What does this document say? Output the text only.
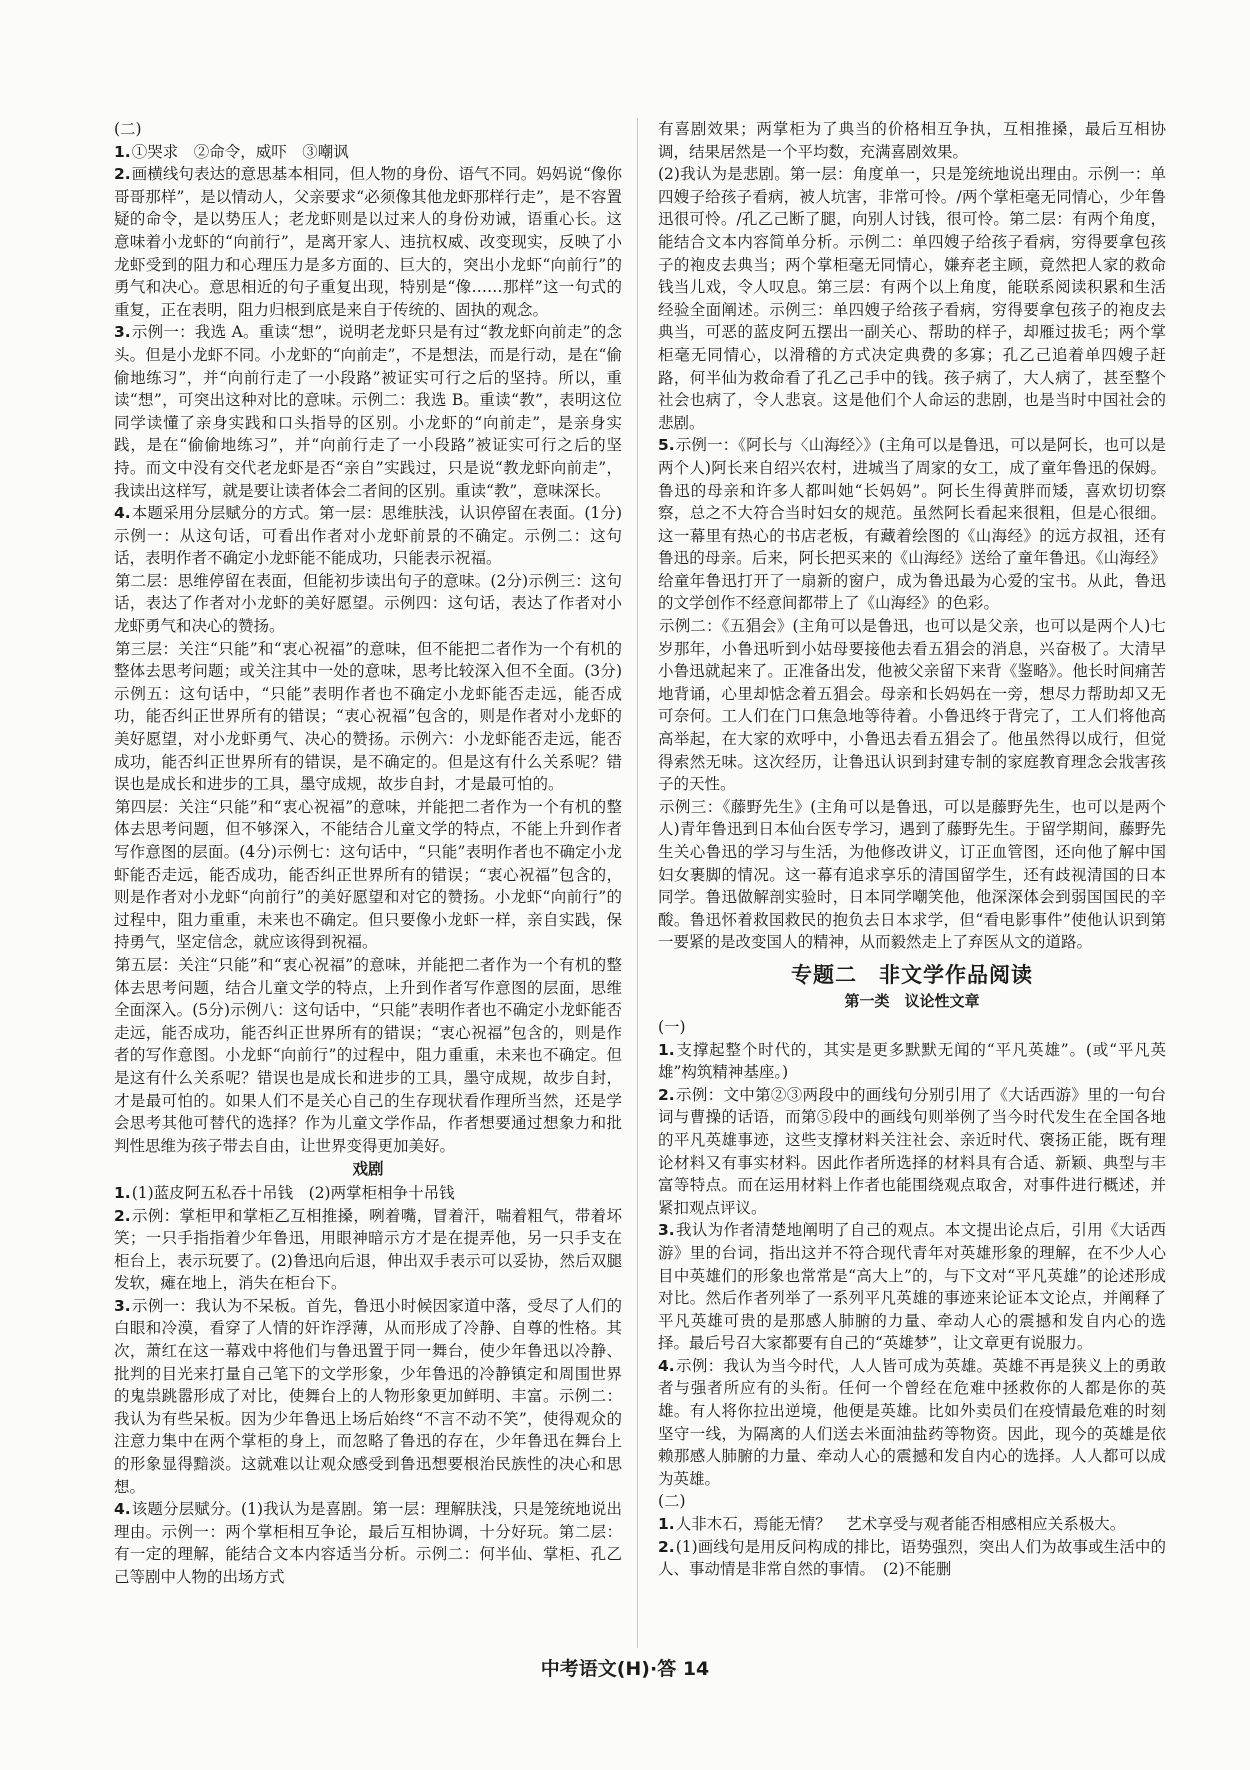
(二)

1.①哭求　②命令，威吓　③嘲讽

2.画横线句表达的意思基本相同，但人物的身份、语气不同。妈妈说“像你哥哥那样”，是以情动人，父亲要求“必须像其他龙虾那样行走”，是不容置疑的命令，是以势压人；老龙虾则是以过来人的身份劝诫，语重心长。这意味着小龙虾的“向前行”，是离开家人、违抗权威、改变现实，反映了小龙虾受到的阻力和心理压力是多方面的、巨大的，突出小龙虾“向前行”的勇气和决心。意思相近的句子重复出现，特别是“像……那样”这一句式的重复，正在表明，阻力归根到底是来自于传统的、固执的观念。

3.示例一：我选 A。重读“想”，说明老龙虾只是有过“教龙虾向前走”的念头。但是小龙虾不同。小龙虾的“向前走”，不是想法，而是行动，是在“偷偷地练习”，并“向前行走了一小段路”被证实可行之后的坚持。所以，重读“想”，可突出这种对比的意味。示例二：我选 B。重读“教”，表明这位同学读懂了亲身实践和口头指导的区别。小龙虾的“向前走”，是亲身实践，是在“偷偷地练习”，并“向前行走了一小段路”被证实可行之后的坚持。而文中没有交代老龙虾是否“亲自”实践过，只是说“教龙虾向前走”，我读出这样写，就是要让读者体会二者间的区别。重读“教”，意味深长。

4.本题采用分层赋分的方式。第一层：思维肤浅，认识停留在表面。(1分)示例一：从这句话，可看出作者对小龙虾前景的不确定。示例二：这句话，表明作者不确定小龙虾能不能成功，只能表示祝福。

第二层：思维停留在表面，但能初步读出句子的意味。(2分)示例三：这句话，表达了作者对小龙虾的美好愿望。示例四：这句话，表达了作者对小龙虾勇气和决心的赞扬。

第三层：关注“只能”和“衷心祝福”的意味，但不能把二者作为一个有机的整体去思考问题；或关注其中一处的意味，思考比较深入但不全面。(3分)示例五：这句话中，“只能”表明作者也不确定小龙虾能否走远，能否成功，能否纠正世界所有的错误；“衷心祝福”包含的，则是作者对小龙虾的美好愿望，对小龙虾勇气、决心的赞扬。示例六：小龙虾能否走远，能否成功，能否纠正世界所有的错误，是不确定的。但是这有什么关系呢？错误也是成长和进步的工具，墨守成规，故步自封，才是最可怕的。

第四层：关注“只能”和“衷心祝福”的意味，并能把二者作为一个有机的整体去思考问题，但不够深入，不能结合儿童文学的特点，不能上升到作者写作意图的层面。(4分)示例七：这句话中，“只能”表明作者也不确定小龙虾能否走远，能否成功，能否纠正世界所有的错误；“衷心祝福”包含的，则是作者对小龙虾“向前行”的美好愿望和对它的赞扬。小龙虾“向前行”的过程中，阻力重重，未来也不确定。但只要像小龙虾一样，亲自实践，保持勇气，坚定信念，就应该得到祝福。

第五层：关注“只能”和“衷心祝福”的意味，并能把二者作为一个有机的整体去思考问题，结合儿童文学的特点，上升到作者写作意图的层面，思维全面深入。(5分)示例八：这句话中，“只能”表明作者也不确定小龙虾能否走远，能否成功，能否纠正世界所有的错误；“衷心祝福”包含的，则是作者的写作意图。小龙虾“向前行”的过程中，阻力重重，未来也不确定。但是这有什么关系呢？错误也是成长和进步的工具，墨守成规，故步自封，才是最可怕的。如果人们不是关心自己的生存现状看作理所当然，还是学会思考其他可替代的选择？作为儿童文学作品，作者想要通过想象力和批判性思维为孩子带去自由，让世界变得更加美好。

戏剧

1.(1)蓝皮阿五私吞十吊钱　(2)两掌柜相争十吊钱

2.示例：掌柜甲和掌柜乙互相推搡，咧着嘴，冒着汗，喘着粗气，带着坏笑；一只手指指着少年鲁迅，用眼神暗示方才是在提弄他，另一只手支在柜台上，表示玩要了。(2)鲁迅向后退，伸出双手表示可以妥协，然后双腿发软，瘫在地上，消失在柜台下。

3.示例一：我认为不呆板。首先，鲁迅小时候因家道中落，受尽了人们的白眼和冷漠，看穿了人情的奸诈浮薄，从而形成了冷静、自尊的性格。其次，萧红在这一幕戏中将他们与鲁迅置于同一舞台，使少年鲁迅以冷静、批判的目光来打量自己笔下的文学形象，少年鲁迅的冷静镇定和周围世界的鬼祟跳嚣形成了对比，使舞台上的人物形象更加鲜明、丰富。示例二：我认为有些呆板。因为少年鲁迅上场后始终“不言不动不笑”，使得观众的注意力集中在两个掌柜的身上，而忽略了鲁迅的存在，少年鲁迅在舞台上的形象显得黯淡。这就难以让观众感受到鲁迅想要根治民族性的决心和思想。

4.该题分层赋分。(1)我认为是喜剧。第一层：理解肤浅，只是笼统地说出理由。示例一：两个掌柜相互争论，最后互相协调，十分好玩。第二层：有一定的理解，能结合文本内容适当分析。示例二：何半仙、掌柜、孔乙己等剧中人物的出场方式

有喜剧效果；两掌柜为了典当的价格相互争执，互相推搡，最后互相协调，结果居然是一个平均数，充满喜剧效果。

(2)我认为是悲剧。第一层：角度单一，只是笼统地说出理由。示例一：单四嫂子给孩子看病，被人坑害，非常可怜。/两个掌柜毫无同情心，少年鲁迅很可怜。/孔乙己断了腿，向别人讨钱，很可怜。第二层：有两个角度，能结合文本内容简单分析。示例二：单四嫂子给孩子看病，穷得要拿包孩子的袍皮去典当；两个掌柜毫无同情心，嫌弃老主顾，竟然把人家的救命钱当儿戏，令人叹息。第三层：有两个以上角度，能联系阅读积累和生活经验全面阐述。示例三：单四嫂子给孩子看病，穷得要拿包孩子的袍皮去典当，可恶的蓝皮阿五摆出一副关心、帮助的样子，却雁过拔毛；两个掌柜毫无同情心，以滑稽的方式决定典费的多寡；孔乙己追着单四嫂子赶路，何半仙为救命看了孔乙己手中的钱。孩子病了，大人病了，甚至整个社会也病了，令人悲哀。这是他们个人命运的悲剧，也是当时中国社会的悲剧。

5.示例一：《阿长与〈山海经〉》(主角可以是鲁迅，可以是阿长，也可以是两个人)阿长来自绍兴农村，进城当了周家的女工，成了童年鲁迅的保姆。鲁迅的母亲和许多人都叫她“长妈妈”。阿长生得黄胖而矮，喜欢切切察察，总之不大符合当时妇女的规范。虽然阿长看起来很粗，但是心很细。这一幕里有热心的书店老板，有藏着绘图的《山海经》的远方叔祖，还有鲁迅的母亲。后来，阿长把买来的《山海经》送给了童年鲁迅。《山海经》给童年鲁迅打开了一扇新的窗户，成为鲁迅最为心爱的宝书。从此，鲁迅的文学创作不经意间都带上了《山海经》的色彩。

示例二：《五猖会》(主角可以是鲁迅，也可以是父亲，也可以是两个人)七岁那年，小鲁迅听到小姑母要接他去看五猖会的消息，兴奋极了。大清早小鲁迅就起来了。正准备出发，他被父亲留下来背《鉴略》。他长时间痛苦地背诵，心里却惦念着五猖会。母亲和长妈妈在一旁，想尽力帮助却又无可奈何。工人们在门口焦急地等待着。小鲁迅终于背完了，工人们将他高高举起，在大家的欢呼中，小鲁迅去看五猖会了。他虽然得以成行，但觉得索然无味。这次经历，让鲁迅认识到封建专制的家庭教育理念会戕害孩子的天性。

示例三：《藤野先生》(主角可以是鲁迅，可以是藤野先生，也可以是两个人)青年鲁迅到日本仙台医专学习，遇到了藤野先生。于留学期间，藤野先生关心鲁迅的学习与生活，为他修改讲义，订正血管图，还向他了解中国妇女裹脚的情况。这一幕有追求享乐的清国留学生，还有歧视清国的日本同学。鲁迅做解剖实验时，日本同学嘲笑他，他深深体会到弱国国民的辛酸。鲁迅怀着救国救民的抱负去日本求学，但“看电影事件”使他认识到第一要紧的是改变国人的精神，从而毅然走上了弃医从文的道路。

专题二　非文学作品阅读
第一类　议论性文章

(一)

1.支撑起整个时代的，其实是更多默默无闻的“平凡英雄”。(或“平凡英雄”构筑精神基座。)

2.示例：文中第②③两段中的画线句分别引用了《大话西游》里的一句台词与曹操的话语，而第⑤段中的画线句则举例了当今时代发生在全国各地的平凡英雄事迹，这些支撑材料关注社会、亲近时代、褒扬正能，既有理论材料又有事实材料。因此作者所选择的材料具有合适、新颖、典型与丰富等特点。而在运用材料上作者也能围绕观点取舍，对事件进行概述，并紧扣观点评议。

3.我认为作者清楚地阐明了自己的观点。本文提出论点后，引用《大话西游》里的台词，指出这并不符合现代青年对英雄形象的理解，在不少人心目中英雄们的形象也常常是“高大上”的，与下文对“平凡英雄”的论述形成对比。然后作者列举了一系列平凡英雄的事迹来论证本文论点，并阐释了平凡英雄可贵的是那感人肺腑的力量、牵动人心的震撼和发自内心的选择。最后号召大家都要有自己的“英雄梦”，让文章更有说服力。

4.示例：我认为当今时代，人人皆可成为英雄。英雄不再是狭义上的勇敢者与强者所应有的头衔。任何一个曾经在危难中拯救你的人都是你的英雄。有人将你拉出逆境，他便是英雄。比如外卖员们在疫情最危难的时刻坚守一线，为隔离的人们送去米面油盐药等物资。因此，现今的英雄是依赖那感人肺腑的力量、牵动人心的震撼和发自内心的选择。人人都可以成为英雄。

(二)

1.人非木石，焉能无情？　艺术享受与观者能否相感相应关系极大。

2.(1)画线句是用反问构成的排比，语势强烈，突出人们为故事或生活中的人、事动情是非常自然的事情。　(2)不能删

中考语文(H)·答 14
